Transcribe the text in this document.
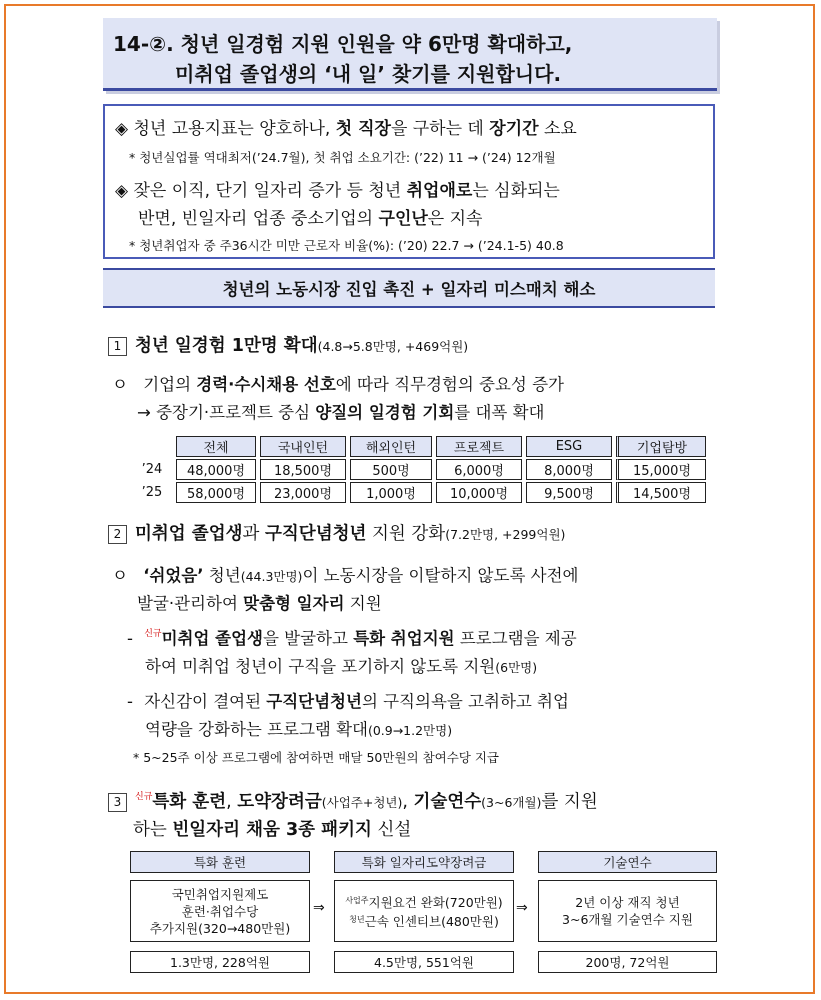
14-②. 청년 일경험 지원 인원을 약 6만명 확대하고,
미취업 졸업생의 ‘내 일’ 찾기를 지원합니다.
◈ 청년 고용지표는 양호하나, 첫 직장을 구하는 데 장기간 소요
* 청년실업률 역대최저(’24.7월), 첫 취업 소요기간: (’22) 11 → (’24) 12개월
◈ 잦은 이직, 단기 일자리 증가 등 청년 취업애로는 심화되는
반면, 빈일자리 업종 중소기업의 구인난은 지속
* 청년취업자 중 주36시간 미만 근로자 비율(%): (’20) 22.7 → (’24.1-5) 40.8
청년의 노동시장 진입 촉진 + 일자리 미스매치 해소
1 청년 일경험 1만명 확대(4.8→5.8만명, +469억원)
ㅇ 기업의 경력·수시채용 선호에 따라 직무경험의 중요성 증가
→ 중장기·프로젝트 중심 양질의 일경험 기회를 대폭 확대
	전체	국내인턴	해외인턴	프로젝트	ESG	기업탐방
’24	48,000명	18,500명	500명	6,000명	8,000명	15,000명
’25	58,000명	23,000명	1,000명	10,000명	9,500명	14,500명
2 미취업 졸업생과 구직단념청년 지원 강화(7.2만명, +299억원)
ㅇ ‘쉬었음’ 청년(44.3만명)이 노동시장을 이탈하지 않도록 사전에
발굴·관리하여 맞춤형 일자리 지원
- $^{신규}$미취업 졸업생을 발굴하고 특화 취업지원 프로그램을 제공
하여 미취업 청년이 구직을 포기하지 않도록 지원(6만명)
- 자신감이 결여된 구직단념청년의 구직의욕을 고취하고 취업
역량을 강화하는 프로그램 확대(0.9→1.2만명)
* 5~25주 이상 프로그램에 참여하면 매달 50만원의 참여수당 지급
3 $^{신규}$특화 훈련, 도약장려금(사업주+청년), 기술연수(3~6개월)를 지원
하는 빈일자리 채움 3종 패키지 신설
특화 훈련
국민취업지원제도
훈련·취업수당
추가지원(320→480만원)
1.3만명, 228억원
⇒
특화 일자리도약장려금
$^{사업주}$지원요건 완화(720만원)
$^{청년}$근속 인센티브(480만원)
4.5만명, 551억원
⇒
기술연수
2년 이상 재직 청년
3~6개월 기술연수 지원
200명, 72억원
